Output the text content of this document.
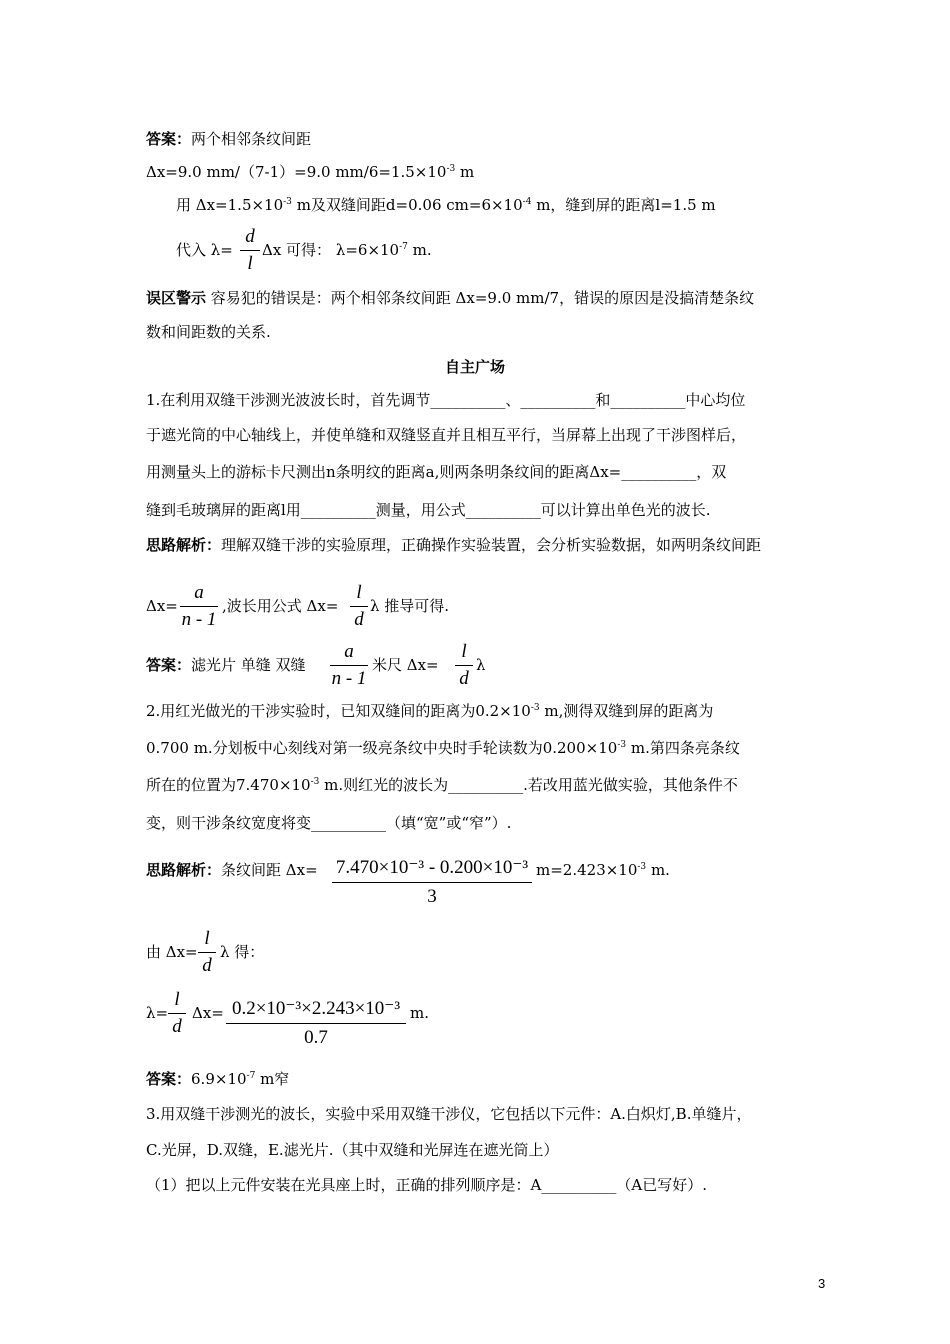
答案：两个相邻条纹间距
Δx=9.0 mm/（7-1）=9.0 $mm/6=1.5\times 10^{-3}$ m
用 $\Delta x=1.5\times 10^{-3}$ m及双缝间距d=0.06 $cm=6\times 10^{-4}$ m，缝到屏的距离l=1.5 m
代入 λ=
d
l
Δx 可得： $\lambda=6\times 10^{-7}$ m.
误区警示 容易犯的错误是：两个相邻条纹间距 Δx=9.0 mm/7，错误的原因是没搞清楚条纹
数和间距数的关系.
自主广场
1.在利用双缝干涉测光波波长时，首先调节__________、__________和__________中心均位
于遮光筒的中心轴线上，并使单缝和双缝竖直并且相互平行，当屏幕上出现了干涉图样后，
用测量头上的游标卡尺测出n条明纹的距离a,则两条明条纹间的距离Δx=__________，双
缝到毛玻璃屏的距离l用__________测量，用公式__________可以计算出单色光的波长.
思路解析：理解双缝干涉的实验原理，正确操作实验装置，会分析实验数据，如两明条纹间距
Δx=
a
n - 1
,波长用公式 Δx=
l
d
λ 推导可得.
答案：滤光片 单缝 双缝
a
n - 1
米尺 Δx=
l
d
λ
2.用红光做光的干涉实验时，已知双缝间的距离为$0.2\times 10^{-3}$ m,测得双缝到屏的距离为
0.700 m.分划板中心刻线对第一级亮条纹中央时手轮读数为$0.200\times 10^{-3}$ m.第四条亮条纹
所在的位置为$7.470\times 10^{-3}$ m.则红光的波长为__________.若改用蓝光做实验，其他条件不
变，则干涉条纹宽度将变__________（填“宽”或“窄”）.
思路解析：条纹间距 Δx= 7.470×10⁻³ - 0.200×10⁻³
3
$m=2.423\times 10^{-3}$ m.
由 Δx=
l
d
λ 得：
λ=
l
d
Δx= 0.2×10⁻³×2.243×10⁻³
0.7
m.
答案：$6.9\times 10^{-7}$ m窄
3.用双缝干涉测光的波长，实验中采用双缝干涉仪，它包括以下元件：A.白炽灯,B.单缝片，
C.光屏，D.双缝，E.滤光片.（其中双缝和光屏连在遮光筒上）
（1）把以上元件安装在光具座上时，正确的排列顺序是：A__________（A已写好）.
3
